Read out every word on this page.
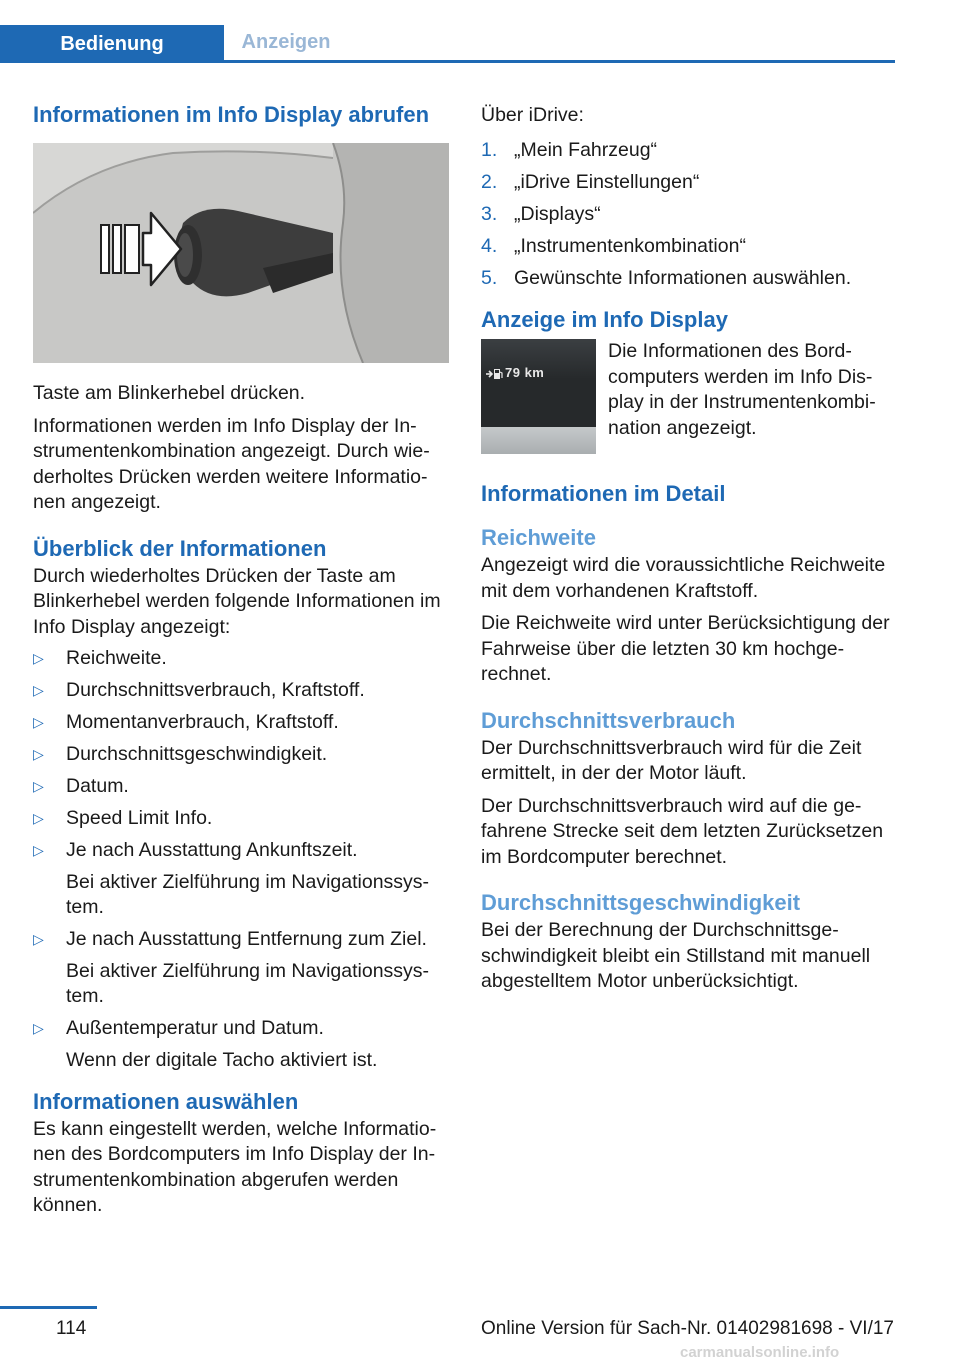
Bedienung	Anzeigen
Informationen im Info Display abrufen

Taste am Blinkerhebel drücken.

Informationen werden im Info Display der In‐strumentenkombination angezeigt. Durch wie‐derholtes Drücken werden weitere Informatio‐nen angezeigt.

Überblick der Informationen

Durch wiederholtes Drücken der Taste am Blinkerhebel werden folgende Informationen im Info Display angezeigt:

▷ Reichweite.
▷ Durchschnittsverbrauch, Kraftstoff.
▷ Momentanverbrauch, Kraftstoff.
▷ Durchschnittsgeschwindigkeit.
▷ Datum.
▷ Speed Limit Info.
▷ Je nach Ausstattung Ankunftszeit.
Bei aktiver Zielführung im Navigationssys‐tem.
▷ Je nach Ausstattung Entfernung zum Ziel.
Bei aktiver Zielführung im Navigationssys‐tem.
▷ Außentemperatur und Datum.
Wenn der digitale Tacho aktiviert ist.
Informationen auswählen

Es kann eingestellt werden, welche Informatio‐nen des Bordcomputers im Info Display der In‐strumentenkombination abgerufen werden können.

Über iDrive:

1. „Mein Fahrzeug“
2. „iDrive Einstellungen“
3. „Displays“
4. „Instrumentenkombination“
5. Gewünschte Informationen auswählen.
Anzeige im Info Display
79 km

Die Informationen des Bord‐computers werden im Info Dis‐play in der Instrumentenkombi‐nation angezeigt.

Informationen im Detail
Reichweite

Angezeigt wird die voraussichtliche Reichweite mit dem vorhandenen Kraftstoff.

Die Reichweite wird unter Berücksichtigung der Fahrweise über die letzten 30 km hochge‐rechnet.

Durchschnittsverbrauch

Der Durchschnittsverbrauch wird für die Zeit ermittelt, in der der Motor läuft.

Der Durchschnittsverbrauch wird auf die ge‐fahrene Strecke seit dem letzten Zurücksetzen im Bordcomputer berechnet.

Durchschnittsgeschwindigkeit

Bei der Berechnung der Durchschnittsge‐schwindigkeit bleibt ein Stillstand mit manuell abgestelltem Motor unberücksichtigt.

114	Online Version für Sach-Nr. 01402981698 - VI/17
carmanualsonline.info
